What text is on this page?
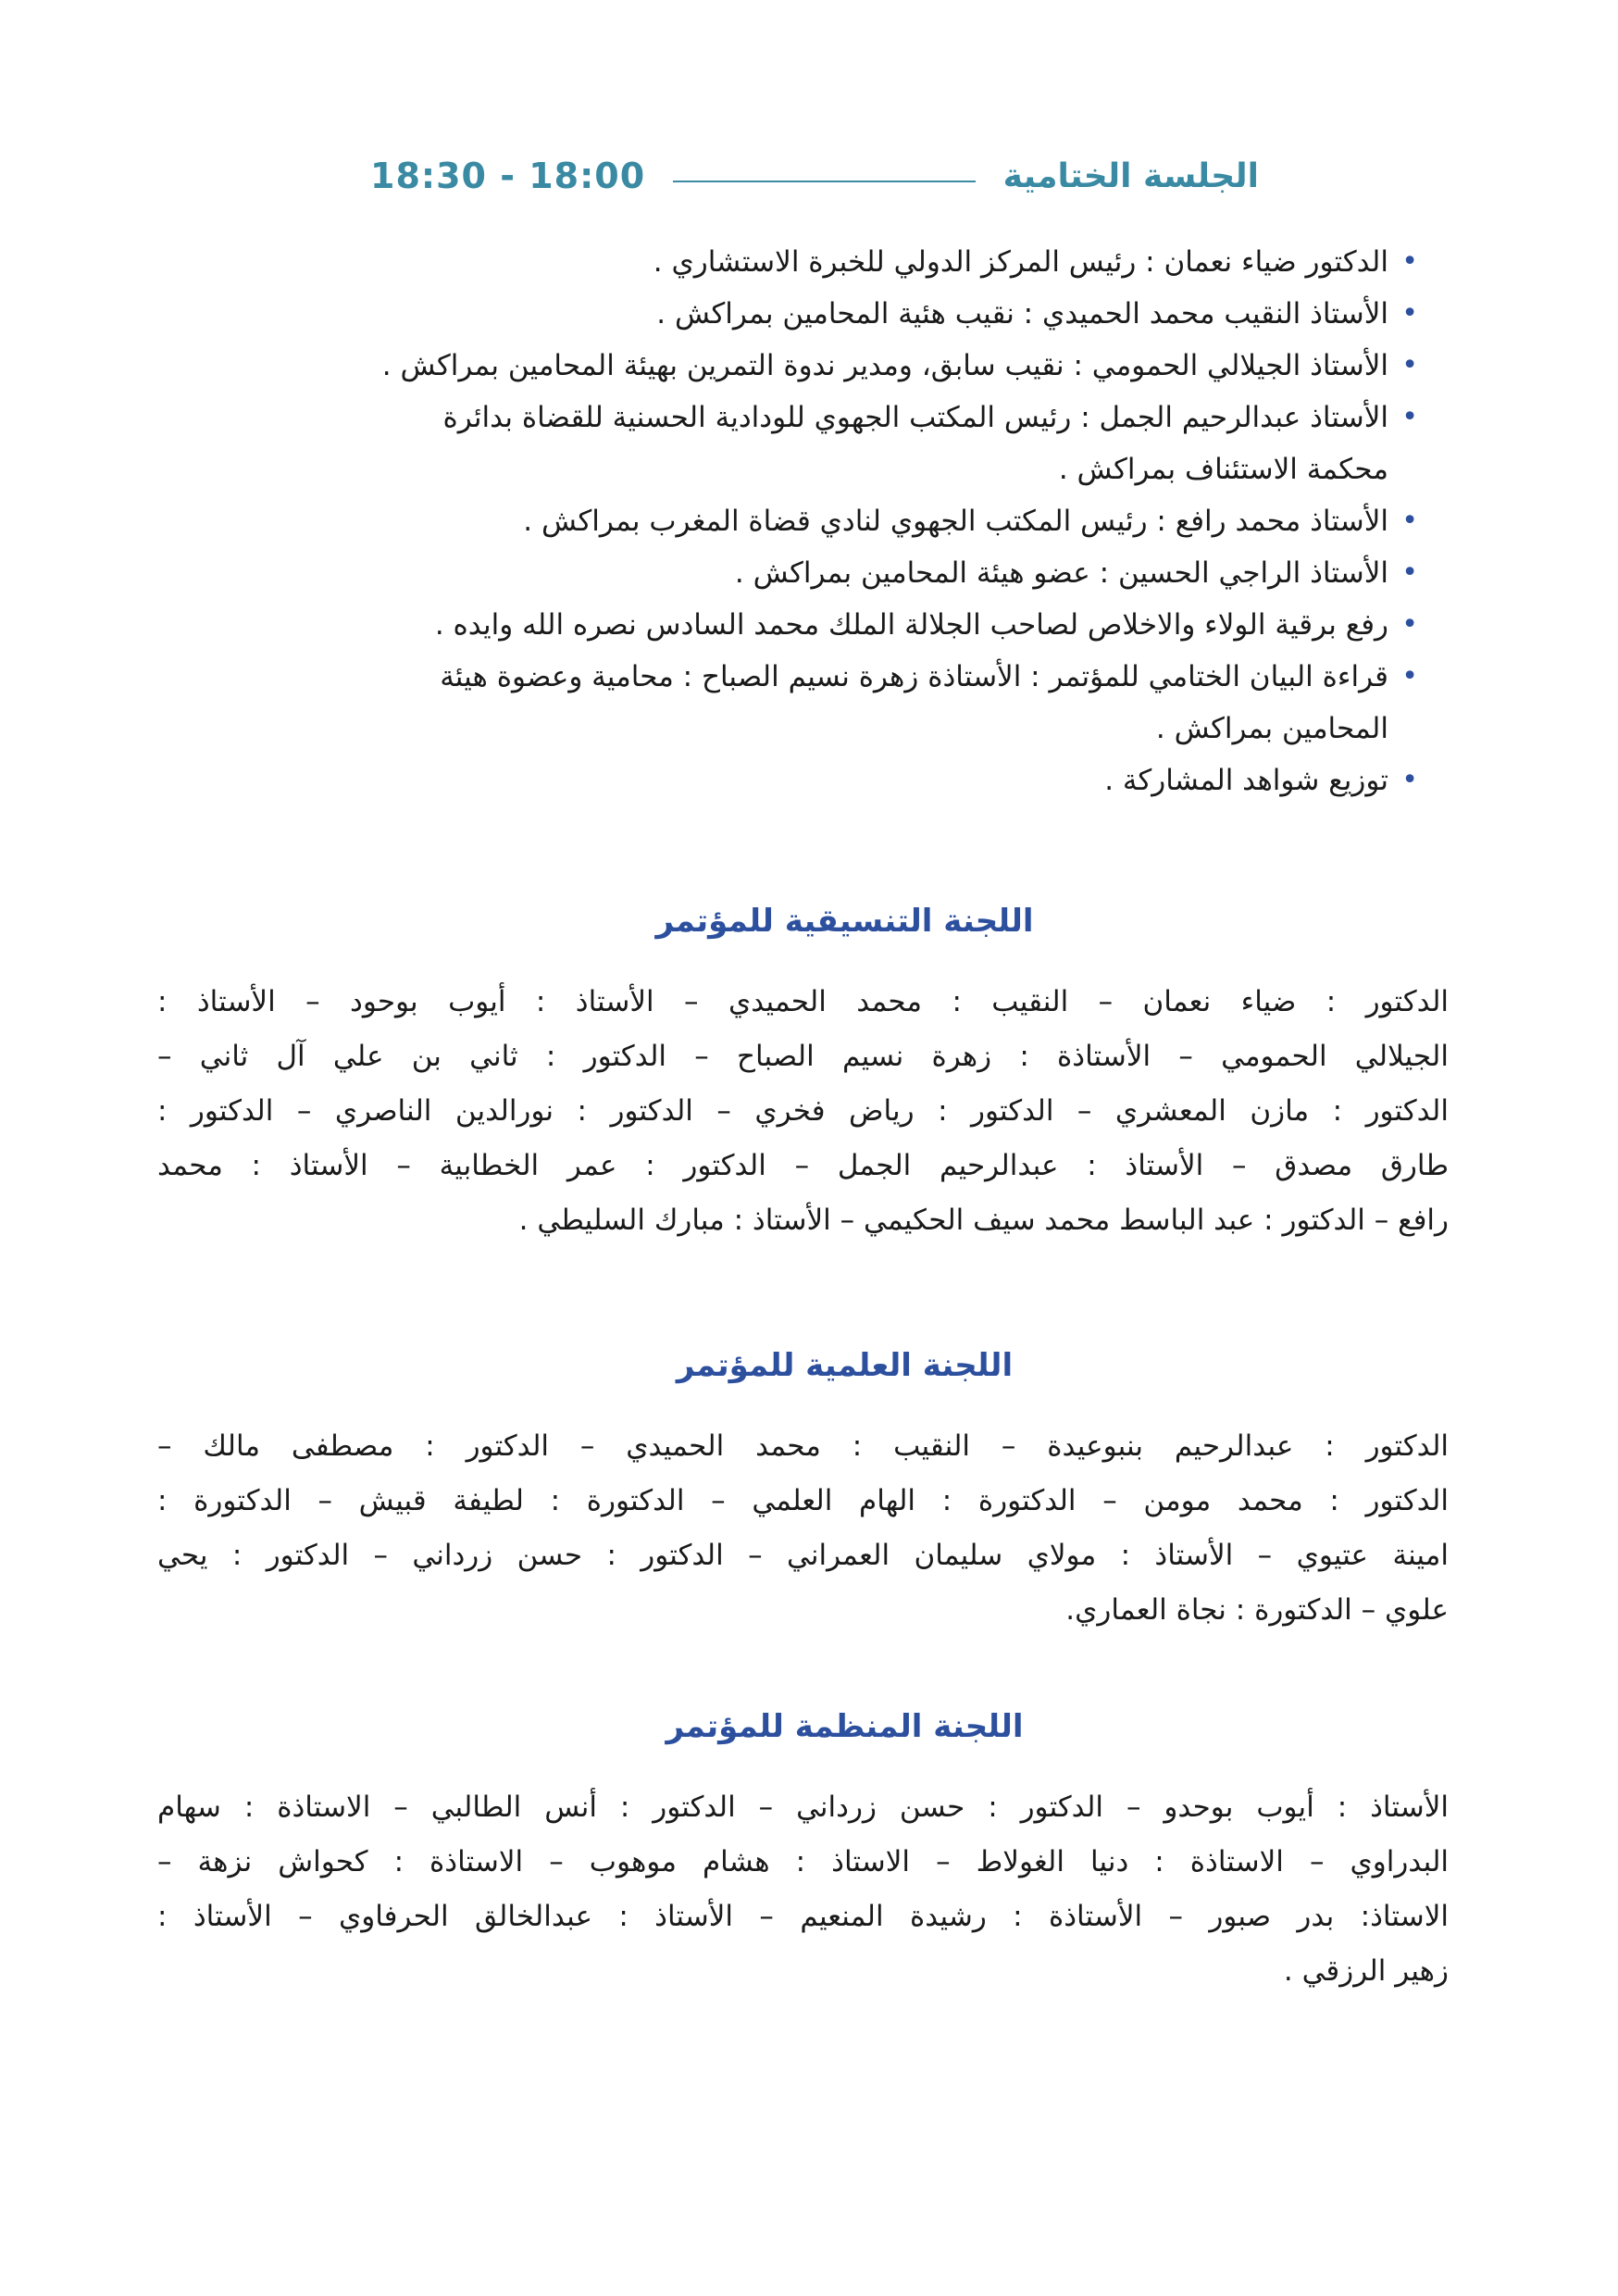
الجلسة الختامية
18:30 - 18:00
•
الدكتور ضياء نعمان : رئيس المركز الدولي للخبرة الاستشاري .
•
الأستاذ النقيب محمد الحميدي : نقيب هئية المحامين بمراكش .
•
الأستاذ الجيلالي الحمومي : نقيب سابق، ومدير ندوة التمرين بهيئة المحامين بمراكش .
•
الأستاذ عبدالرحيم الجمل : رئيس المكتب الجهوي للودادية الحسنية للقضاة بدائرة
محكمة الاستئناف بمراكش .
•
الأستاذ محمد رافع : رئيس المكتب الجهوي لنادي قضاة المغرب بمراكش .
•
الأستاذ الراجي الحسين : عضو هيئة المحامين بمراكش .
•
رفع برقية الولاء والاخلاص لصاحب الجلالة الملك محمد السادس نصره الله وايده .
•
قراءة البيان الختامي للمؤتمر : الأستاذة زهرة نسيم الصباح : محامية وعضوة هيئة
المحامين بمراكش .
•
توزيع شواهد المشاركة .
اللجنة التنسيقية للمؤتمر

الدكتور : ضياء نعمان – النقيب : محمد الحميدي – الأستاذ : أيوب بوحود – الأستاذ :
الجيلالي الحمومي – الأستاذة : زهرة نسيم الصباح – الدكتور : ثاني بن علي آل ثاني –
الدكتور : مازن المعشري – الدكتور : رياض فخري – الدكتور : نورالدين الناصري – الدكتور :
طارق مصدق – الأستاذ : عبدالرحيم الجمل – الدكتور : عمر الخطابية – الأستاذ : محمد
رافع – الدكتور : عبد الباسط محمد سيف الحكيمي – الأستاذ : مبارك السليطي .

اللجنة العلمية للمؤتمر

الدكتور : عبدالرحيم بنبوعيدة – النقيب : محمد الحميدي – الدكتور : مصطفى مالك –
الدكتور : محمد مومن – الدكتورة : الهام العلمي – الدكتورة : لطيفة قبيش – الدكتورة :
امينة عتيوي – الأستاذ : مولاي سليمان العمراني – الدكتور : حسن زرداني – الدكتور : يحي
علوي – الدكتورة : نجاة العماري.

اللجنة المنظمة للمؤتمر

الأستاذ : أيوب بوحدو – الدكتور : حسن زرداني – الدكتور : أنس الطالبي – الاستاذة : سهام
البدراوي – الاستاذة : دنيا الغولاط – الاستاذ : هشام موهوب – الاستاذة : كحواش نزهة –
الاستاذ: بدر صبور – الأستاذة : رشيدة المنعيم – الأستاذ : عبدالخالق الحرفاوي – الأستاذ :
زهير الرزقي .
